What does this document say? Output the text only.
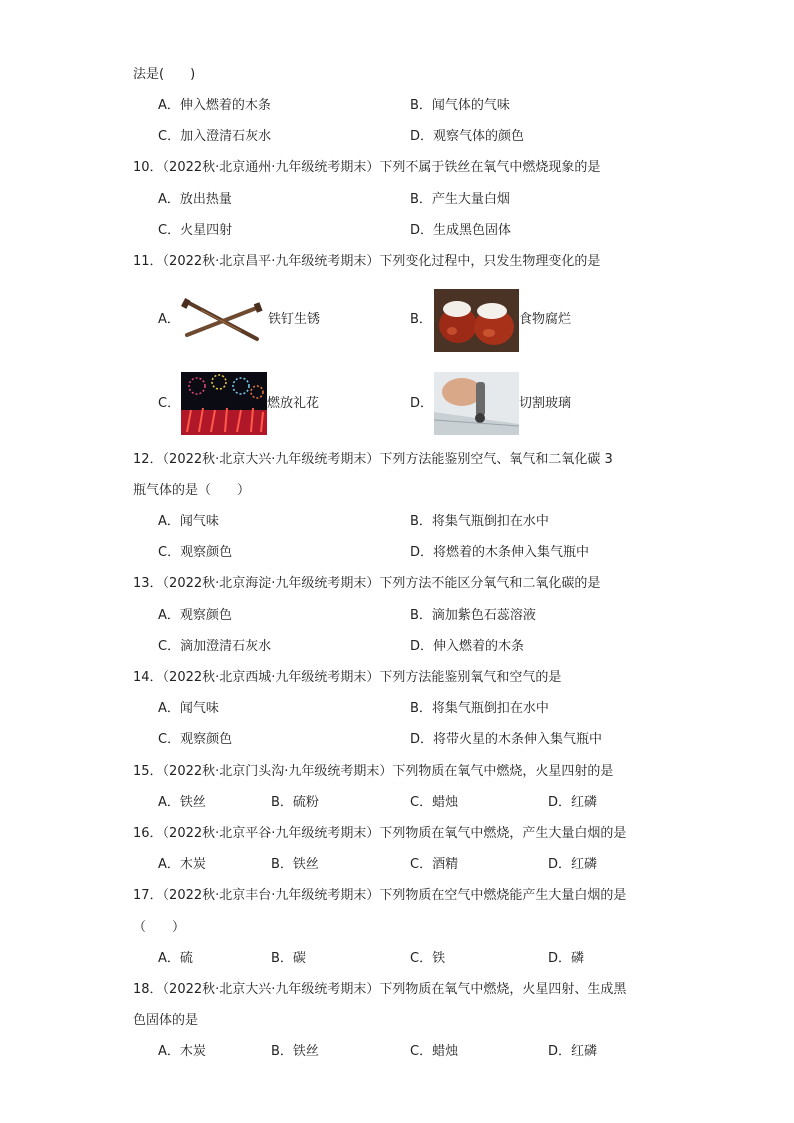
法是(　　)
A．伸入燃着的木条	B．闻气体的气味
C．加入澄清石灰水	D．观察气体的颜色
10．（2022秋·北京通州·九年级统考期末）下列不属于铁丝在氧气中燃烧现象的是
A．放出热量	B．产生大量白烟
C．火星四射	D．生成黑色固体
11．（2022秋·北京昌平·九年级统考期末）下列变化过程中，只发生物理变化的是
A．	铁钉生锈	B．	食物腐烂
C．	燃放礼花	D．	切割玻璃
12．（2022秋·北京大兴·九年级统考期末）下列方法能鉴别空气、氧气和二氧化碳 3
瓶气体的是（　　）
A．闻气味	B．将集气瓶倒扣在水中
C．观察颜色	D．将燃着的木条伸入集气瓶中
13．（2022秋·北京海淀·九年级统考期末）下列方法不能区分氧气和二氧化碳的是
A．观察颜色	B．滴加紫色石蕊溶液
C．滴加澄清石灰水	D．伸入燃着的木条
14．（2022秋·北京西城·九年级统考期末）下列方法能鉴别氧气和空气的是
A．闻气味	B．将集气瓶倒扣在水中
C．观察颜色	D．将带火星的木条伸入集气瓶中
15．（2022秋·北京门头沟·九年级统考期末）下列物质在氧气中燃烧，火星四射的是
A．铁丝	B．硫粉	C．蜡烛	D．红磷
16．（2022秋·北京平谷·九年级统考期末）下列物质在氧气中燃烧，产生大量白烟的是
A．木炭	B．铁丝	C．酒精	D．红磷
17．（2022秋·北京丰台·九年级统考期末）下列物质在空气中燃烧能产生大量白烟的是
（　　）
A．硫	B．碳	C．铁	D．磷
18．（2022秋·北京大兴·九年级统考期末）下列物质在氧气中燃烧，火星四射、生成黑
色固体的是
A．木炭	B．铁丝	C．蜡烛	D．红磷
